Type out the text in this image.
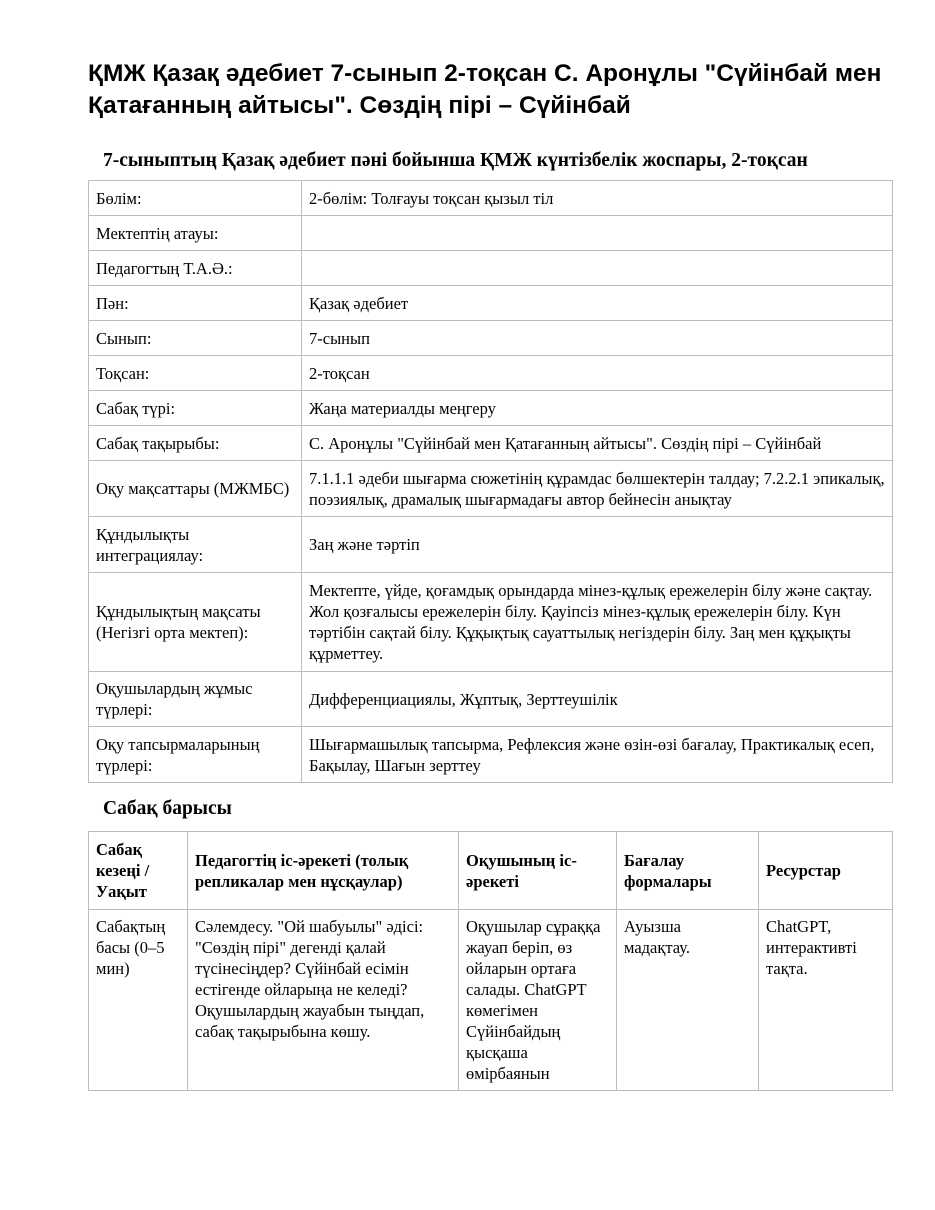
ҚМЖ Қазақ әдебиет 7-сынып 2-тоқсан С. Аронұлы "Сүйінбай мен Қатағанның айтысы". Сөздің пірі – Сүйінбай
7-сыныптың Қазақ әдебиет пәні бойынша ҚМЖ күнтізбелік жоспары, 2-тоқсан
Бөлім:	2-бөлім: Толғауы тоқсан қызыл тіл
Мектептің атауы:	
Педагогтың Т.А.Ә.:	
Пән:	Қазақ әдебиет
Сынып:	7-сынып
Тоқсан:	2-тоқсан
Сабақ түрі:	Жаңа материалды меңгеру
Сабақ тақырыбы:	С. Аронұлы "Сүйінбай мен Қатағанның айтысы". Сөздің пірі – Сүйінбай
Оқу мақсаттары (МЖМБС)	7.1.1.1 әдеби шығарма сюжетінің құрамдас бөлшектерін талдау; 7.2.2.1 эпикалық, поэзиялық, драмалық шығармадағы автор бейнесін анықтау
Құндылықты интеграциялау:	Заң және тәртіп
Құндылықтың мақсаты (Негізгі орта мектеп):	Мектепте, үйде, қоғамдық орындарда мінез-құлық ережелерін білу және сақтау. Жол қозғалысы ережелерін білу. Қауіпсіз мінез-құлық ережелерін білу. Күн тәртібін сақтай білу. Құқықтық сауаттылық негіздерін білу. Заң мен құқықты құрметтеу.
Оқушылардың жұмыс түрлері:	Дифференциациялы, Жұптық, Зерттеушілік
Оқу тапсырмаларының түрлері:	Шығармашылық тапсырма, Рефлексия және өзін-өзі бағалау, Практикалық есеп, Бақылау, Шағын зерттеу
Сабақ барысы
Сабақ кезеңі / Уақыт	Педагогтің іс-әрекеті (толық репликалар мен нұсқаулар)	Оқушының іс-әрекеті	Бағалау формалары	Ресурстар
Сабақтың басы (0–5 мин)	Сәлемдесу. "Ой шабуылы" әдісі: "Сөздің пірі" дегенді қалай түсінесіңдер? Сүйінбай есімін естігенде ойларыңа не келеді? Оқушылардың жауабын тыңдап, сабақ тақырыбына көшу.	Оқушылар сұраққа жауап беріп, өз ойларын ортаға салады. ChatGPT көмегімен Сүйінбайдың қысқаша өмірбаянын	Ауызша мадақтау.	ChatGPT, интерактивті тақта.
